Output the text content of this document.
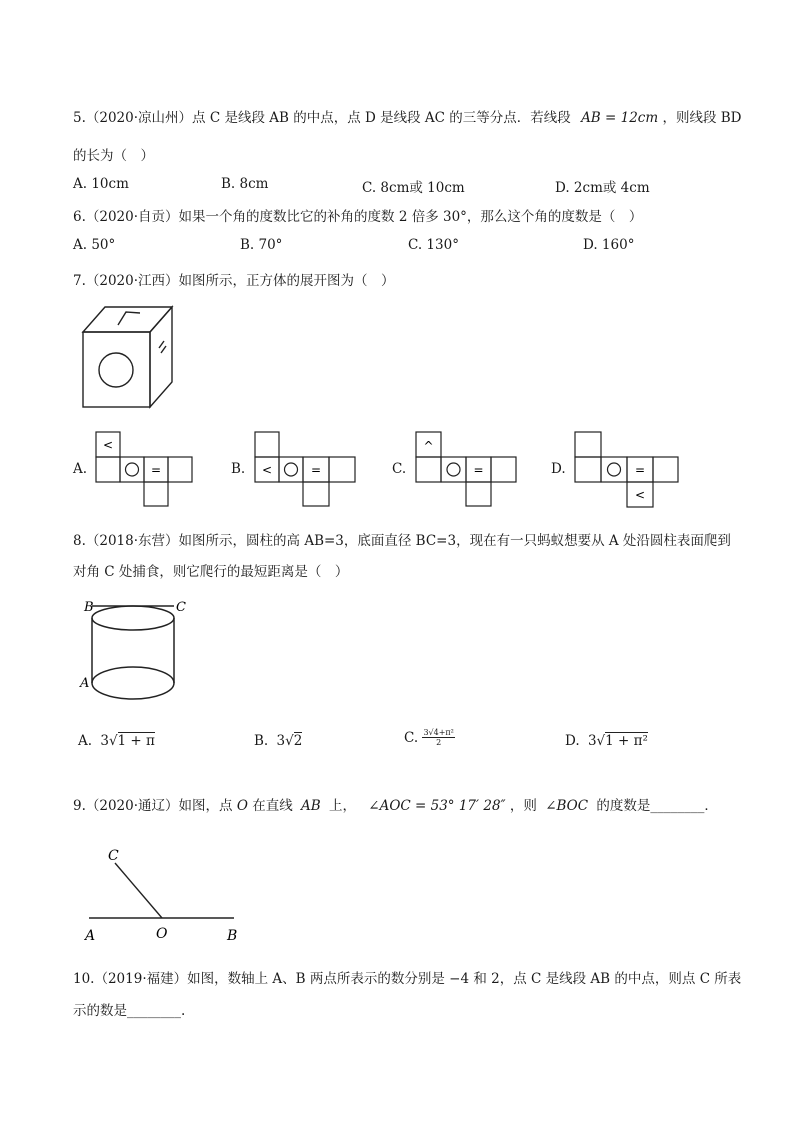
5.（2020·凉山州）点 C 是线段 AB 的中点，点 D 是线段 AC 的三等分点．若线段 AB = 12cm ，则线段 BD
的长为（　）
A. 10cm	B. 8cm	C. 8cm或 10cm	D. 2cm或 4cm
6.（2020·自贡）如果一个角的度数比它的补角的度数 2 倍多 30°，那么这个角的度数是（　）
A. 50°	B. 70°	C. 130°	D. 160°
7.（2020·江西）如图所示，正方体的展开图为（　）
A.	B.	C.	D.
<
=	<	=
^
=	=
<
8.（2018·东营）如图所示，圆柱的高 AB=3，底面直径 BC=3，现在有一只蚂蚁想要从 A 处沿圆柱表面爬到
对角 C 处捕食，则它爬行的最短距离是（　）
B	C
A
A. 3√1 + π	B. 3√2	C. $\frac{\text{3√4+π²}}{2}$	D. 3√1 + π²
9.（2020·通辽）如图，点 O 在直线 AB 上， ∠AOC = 53° 17′ 28″ ，则 ∠BOC 的度数是________．
C
A	O	B
10.（2019·福建）如图，数轴上 A、B 两点所表示的数分别是 −4 和 2，点 C 是线段 AB 的中点，则点 C 所表
示的数是________.
